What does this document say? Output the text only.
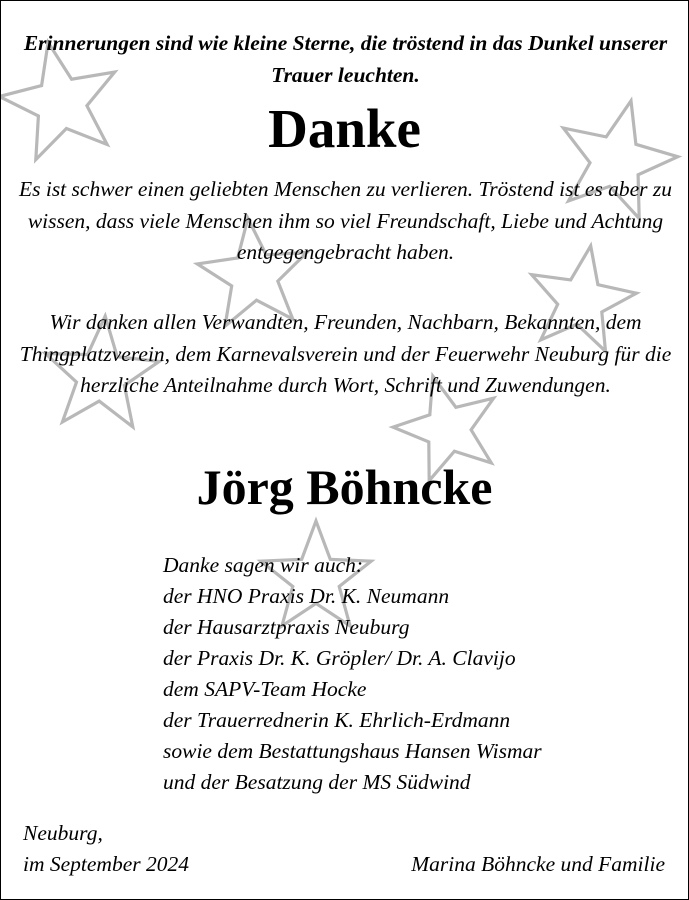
Erinnerungen sind wie kleine Sterne, die tröstend in das Dunkel unserer Trauer leuchten.

Danke

Es ist schwer einen geliebten Menschen zu verlieren. Tröstend ist es aber zu wissen, dass viele Menschen ihm so viel Freundschaft, Liebe und Achtung entgegengebracht haben.

Wir danken allen Verwandten, Freunden, Nachbarn, Bekannten, dem Thingplatzverein, dem Karnevalsverein und der Feuerwehr Neuburg für die herzliche Anteilnahme durch Wort, Schrift und Zuwendungen.

Jörg Böhncke
Danke sagen wir auch:
der HNO Praxis Dr. K. Neumann
der Hausarztpraxis Neuburg
der Praxis Dr. K. Gröpler/ Dr. A. Clavijo
dem SAPV-Team Hocke
der Trauerrednerin K. Ehrlich-Erdmann
sowie dem Bestattungshaus Hansen Wismar
und der Besatzung der MS Südwind
Neuburg,
im September 2024	Marina Böhncke und Familie
